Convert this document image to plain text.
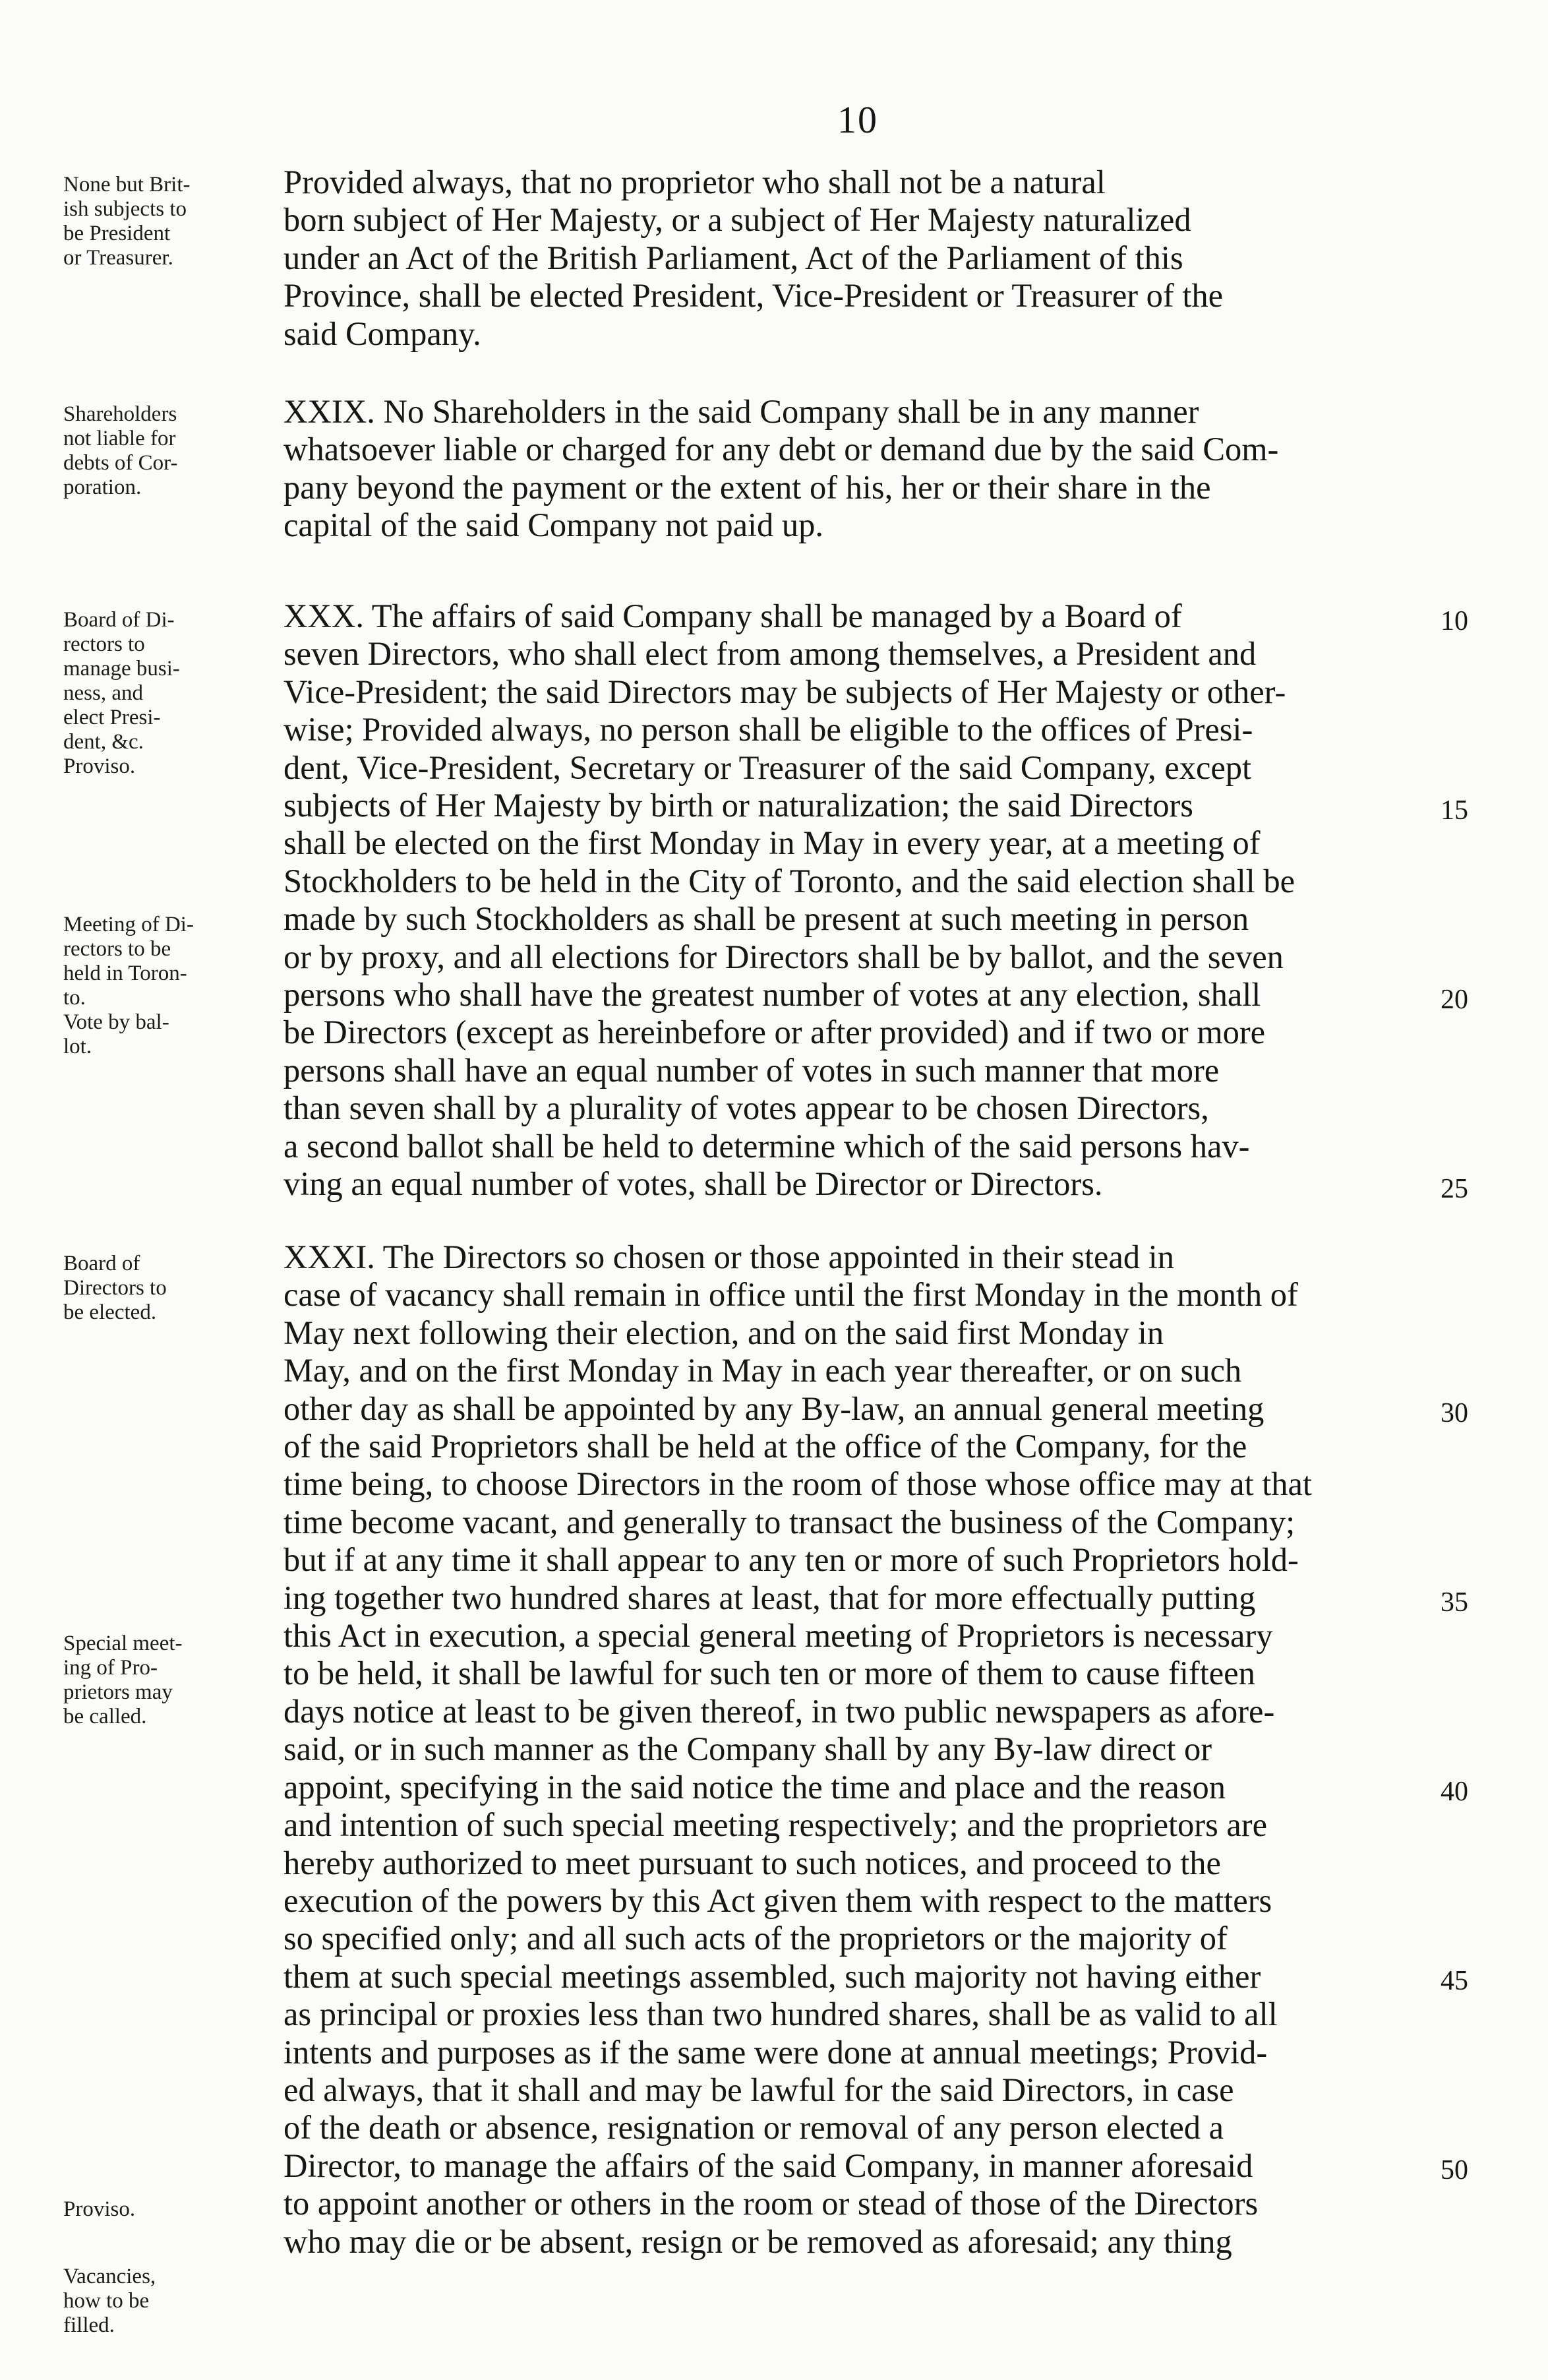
10
None but Brit-
ish subjects to
be President
or Treasurer.
Shareholders
not liable for
debts of Cor-
poration.
Board of Di-
rectors to
manage busi-
ness, and
elect Presi-
dent, &c.
Proviso.
Meeting of Di-
rectors to be
held in Toron-
to.
Vote by bal-
lot.
Board of
Directors to
be elected.
Special meet-
ing of Pro-
prietors may
be called.
Proviso.
Vacancies,
how to be
filled.
Provided always, that no proprietor who shall not be a natural
born subject of Her Majesty, or a subject of Her Majesty naturalized
under an Act of the British Parliament, Act of the Parliament of this
Province, shall be elected President, Vice-President or Treasurer of the
said Company.
XXIX. No Shareholders in the said Company shall be in any manner
whatsoever liable or charged for any debt or demand due by the said Com-
pany beyond the payment or the extent of his, her or their share in the
capital of the said Company not paid up.
XXX. The affairs of said Company shall be managed by a Board of
seven Directors, who shall elect from among themselves, a President and
Vice-President; the said Directors may be subjects of Her Majesty or other-
wise; Provided always, no person shall be eligible to the offices of Presi-
dent, Vice-President, Secretary or Treasurer of the said Company, except
subjects of Her Majesty by birth or naturalization; the said Directors
shall be elected on the first Monday in May in every year, at a meeting of
Stockholders to be held in the City of Toronto, and the said election shall be
made by such Stockholders as shall be present at such meeting in person
or by proxy, and all elections for Directors shall be by ballot, and the seven
persons who shall have the greatest number of votes at any election, shall
be Directors (except as hereinbefore or after provided) and if two or more
persons shall have an equal number of votes in such manner that more
than seven shall by a plurality of votes appear to be chosen Directors,
a second ballot shall be held to determine which of the said persons hav-
ving an equal number of votes, shall be Director or Directors.
XXXI. The Directors so chosen or those appointed in their stead in
case of vacancy shall remain in office until the first Monday in the month of
May next following their election, and on the said first Monday in
May, and on the first Monday in May in each year thereafter, or on such
other day as shall be appointed by any By-law, an annual general meeting
of the said Proprietors shall be held at the office of the Company, for the
time being, to choose Directors in the room of those whose office may at that
time become vacant, and generally to transact the business of the Company;
but if at any time it shall appear to any ten or more of such Proprietors hold-
ing together two hundred shares at least, that for more effectually putting
this Act in execution, a special general meeting of Proprietors is necessary
to be held, it shall be lawful for such ten or more of them to cause fifteen
days notice at least to be given thereof, in two public newspapers as afore-
said, or in such manner as the Company shall by any By-law direct or
appoint, specifying in the said notice the time and place and the reason
and intention of such special meeting respectively; and the proprietors are
hereby authorized to meet pursuant to such notices, and proceed to the
execution of the powers by this Act given them with respect to the matters
so specified only; and all such acts of the proprietors or the majority of
them at such special meetings assembled, such majority not having either
as principal or proxies less than two hundred shares, shall be as valid to all
intents and purposes as if the same were done at annual meetings; Provid-
ed always, that it shall and may be lawful for the said Directors, in case
of the death or absence, resignation or removal of any person elected a
Director, to manage the affairs of the said Company, in manner aforesaid
to appoint another or others in the room or stead of those of the Directors
who may die or be absent, resign or be removed as aforesaid; any thing
10
15
20
25
30
35
40
45
50
